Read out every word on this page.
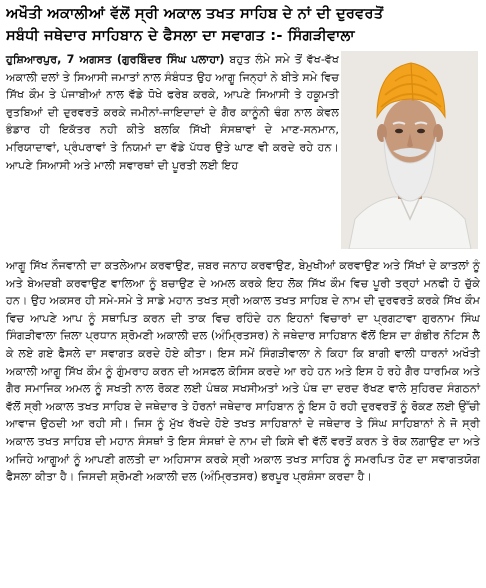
ਅਖੌਤੀ ਅਕਾਲੀਆਂ ਵੱਲੋਂ ਸ੍ਰੀ ਅਕਾਲ ਤਖਤ ਸਾਹਿਬ ਦੇ ਨਾਂ ਦੀ ਦੁਰਵਰਤੋਂ
ਸਬੰਧੀ ਜਥੇਦਾਰ ਸਾਹਿਬਾਨ ਦੇ ਫੈਸਲਾ ਦਾ ਸਵਾਗਤ :- ਸਿੰਗੜੀਵਾਲਾ

ਹੁਸ਼ਿਆਰਪੁਰ, 7 ਅਗਸਤ (ਗੁਰਬਿੰਦਰ ਸਿੰਘ ਪਲਾਹਾ) ਬਹੁਤ ਲੰਮੇ ਸਮੇ ਤੋਂ ਵੱਖ-ਵੱਖ ਅਕਾਲੀ ਦਲਾਂ ਤੇ ਸਿਆਸੀ ਜਮਾਤਾਂ ਨਾਲ ਸੰਬੰਧਤ ਉਹ ਆਗੂ ਜਿਨ੍ਹਾਂ ਨੇ ਬੀਤੇ ਸਮੇ ਵਿਚ ਸਿੱਖ ਕੌਮ ਤੇ ਪੰਜਾਬੀਆਂ ਨਾਲ ਵੱਡੇ ਧੋਖੇ ਫਰੇਬ ਕਰਕੇ, ਆਪਣੇ ਸਿਆਸੀ ਤੇ ਹਕੂਮਤੀ ਰੁਤਬਿਆਂ ਦੀ ਦੁਰਵਰਤੋ ਕਰਕੇ ਜਮੀਨਾਂ-ਜਾਇਦਾਦਾਂ ਦੇ ਗੈਰ ਕਾਨੂੰਨੀ ਢੰਗ ਨਾਲ ਕੇਵਲ ਭੰਡਾਰ ਹੀ ਇਕੱਤਰ ਨਹੀ ਕੀਤੇ ਬਲਕਿ ਸਿੱਖੀ ਸੰਸਥਾਵਾਂ ਦੇ ਮਾਣ-ਸਨਮਾਨ, ਮਰਿਯਾਦਾਵਾਂ, ਪ੍ਰੰਪਰਾਵਾਂ ਤੇ ਨਿਯਮਾਂ ਦਾ ਵੱਡੇ ਪੱਧਰ ਉਤੇ ਘਾਣ ਵੀ ਕਰਦੇ ਰਹੇ ਹਨ। ਆਪਣੇ ਸਿਆਸੀ ਅਤੇ ਮਾਲੀ ਸਵਾਰਥਾਂ ਦੀ ਪੂਰਤੀ ਲਈ ਇਹ

ਆਗੂ ਸਿੱਖ ਨੌਜਵਾਨੀ ਦਾ ਕਤਲੇਆਮ ਕਰਵਾਉਣ, ਜ਼ਬਰ ਜਨਾਹ ਕਰਵਾਉਣ, ਬੇਮੁਖੀਆਂ ਕਰਵਾਉਣ ਅਤੇ ਸਿੱਖਾਂ ਦੇ ਕਾਤਲਾਂ ਨੂੰ ਅਤੇ ਬੇਅਦਬੀ ਕਰਵਾਉਣ ਵਾਲਿਆ ਨੂੰ ਬਚਾਉਣ ਦੇ ਅਮਲ ਕਰਕੇ ਇਹ ਲੋਕ ਸਿੱਖ ਕੌਮ ਵਿਚ ਪੂਰੀ ਤਰ੍ਹਾਂ ਮਨਫੀ ਹੋ ਚੁੱਕੇ ਹਨ। ਉਹ ਅਕਸਰ ਹੀ ਸਮੇ-ਸਮੇ ਤੇ ਸਾਡੇ ਮਹਾਨ ਤਖਤ ਸ੍ਰੀ ਅਕਾਲ ਤਖਤ ਸਾਹਿਬ ਦੇ ਨਾਮ ਦੀ ਦੁਰਵਰਤੋ ਕਰਕੇ ਸਿੱਖ ਕੌਮ ਵਿਚ ਆਪਣੇ ਆਪ ਨੂੰ ਸਥਾਪਿਤ ਕਰਨ ਦੀ ਤਾਕ ਵਿਚ ਰਹਿੰਦੇ ਹਨ ਇਹਨਾਂ ਵਿਚਾਰਾਂ ਦਾ ਪ੍ਰਗਟਾਵਾ ਗੁਰਨਾਮ ਸਿੰਘ ਸਿੰਗੜੀਵਾਲਾ ਜ਼ਿਲਾ ਪ੍ਰਧਾਨ ਸ਼੍ਰੋਮਣੀ ਅਕਾਲੀ ਦਲ (ਅੰਮ੍ਰਿਤਸਰ) ਨੇ ਜਥੇਦਾਰ ਸਾਹਿਬਾਨ ਵੱਲੋਂ ਇਸ ਦਾ ਗੰਭੀਰ ਨੋਟਿਸ ਲੈ ਕੇ ਲਏ ਗਏ ਫੈਸਲੇ ਦਾ ਸਵਾਗਤ ਕਰਦੇ ਹੋਏ ਕੀਤਾ। ਇਸ ਸਮੇਂ ਸਿੰਗੜੀਵਾਲਾ ਨੇ ਕਿਹਾ ਕਿ ਬਾਗੀ ਵਾਲੀ ਧਾਰਨਾਂ ਅਖੌਤੀ ਅਕਾਲੀ ਆਗੂ ਸਿੱਖ ਕੌਮ ਨੂੰ ਗੁੰਮਰਾਹ ਕਰਨ ਦੀ ਅਸਫਲ ਕੋਸਿਸ ਕਰਦੇ ਆ ਰਹੇ ਹਨ ਅਤੇ ਇਸ ਹੋ ਰਹੇ ਗੈਰ ਧਾਰਮਿਕ ਅਤੇ ਗੈਰ ਸਮਾਜਿਕ ਅਮਲ ਨੂੰ ਸਖਤੀ ਨਾਲ ਰੋਕਣ ਲਈ ਪੰਥਕ ਸਖਸੀਅਤਾਂ ਅਤੇ ਪੰਥ ਦਾ ਦਰਦ ਰੱਖਣ ਵਾਲੇ ਸੁਹਿਰਦ ਸੰਗਠਨਾਂ ਵੱਲੋਂ ਸ੍ਰੀ ਅਕਾਲ ਤਖਤ ਸਾਹਿਬ ਦੇ ਜਥੇਦਾਰ ਤੇ ਹੋਰਨਾਂ ਜਥੇਦਾਰ ਸਾਹਿਬਾਨ ਨੂੰ ਇਸ ਹੋ ਰਹੀ ਦੁਰਵਰਤੋਂ ਨੂੰ ਰੋਕਣ ਲਈ ਉੱਚੀ ਆਵਾਜ ਉਠਦੀ ਆ ਰਹੀ ਸੀ। ਜਿਸ ਨੂੰ ਮੁੱਖ ਰੱਖਦੇ ਹੋਏ ਤਖਤ ਸਾਹਿਬਾਨਾਂ ਦੇ ਜਥੇਦਾਰ ਤੇ ਸਿੰਘ ਸਾਹਿਬਾਨਾਂ ਨੇ ਜੋ ਸ੍ਰੀ ਅਕਾਲ ਤਖਤ ਸਾਹਿਬ ਦੀ ਮਹਾਨ ਸੰਸਥਾਂ ਤੋ ਇਸ ਸੰਸਥਾਂ ਦੇ ਨਾਮ ਦੀ ਕਿਸੇ ਵੀ ਵੱਲੋਂ ਵਰਤੋਂ ਕਰਨ ਤੇ ਰੋਕ ਲਗਾਉਣ ਦਾ ਅਤੇ ਅਜਿਹੇ ਆਗੂਆਂ ਨੂੰ ਆਪਣੀ ਗਲਤੀ ਦਾ ਅਹਿਸਾਸ ਕਰਕੇ ਸ੍ਰੀ ਅਕਾਲ ਤਖਤ ਸਾਹਿਬ ਨੂੰ ਸਮਰਪਿਤ ਹੋਣ ਦਾ ਸਵਾਗਤਯੋਗ ਫੈਸਲਾ ਕੀਤਾ ਹੈ। ਜਿਸਦੀ ਸ਼੍ਰੋਮਣੀ ਅਕਾਲੀ ਦਲ (ਅੰਮ੍ਰਿਤਸਰ) ਭਰਪੂਰ ਪ੍ਰਸ਼ੰਸਾ ਕਰਦਾ ਹੈ।
